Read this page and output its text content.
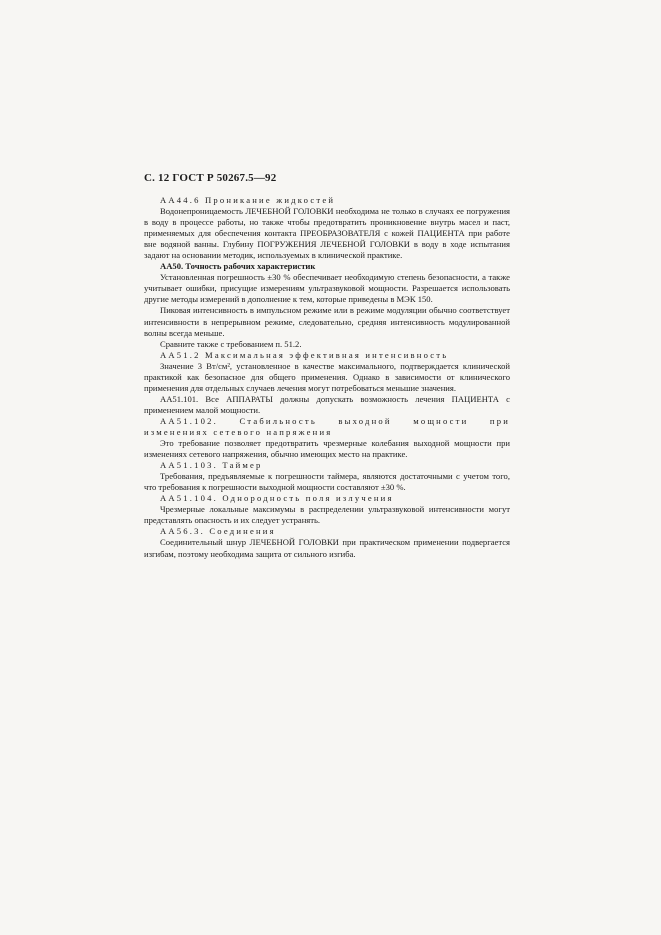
С. 12 ГОСТ Р 50267.5—92

АА44.6 Проникание жидкостей

Водонепроницаемость ЛЕЧЕБНОЙ ГОЛОВКИ необходима не только в случаях ее погружения в воду в процессе работы, но также чтобы предотвратить проникновение внутрь масел и паст, применяемых для обеспечения контакта ПРЕОБРАЗОВАТЕЛЯ с кожей ПАЦИЕНТА при работе вне водяной ванны. Глубину ПОГРУЖЕНИЯ ЛЕЧЕБНОЙ ГОЛОВКИ в воду в ходе испытания задают на основании методик, используемых в клинической практике.

АА50. Точность рабочих характеристик

Установленная погрешность ±30 % обеспечивает необходимую степень безопасности, а также учитывает ошибки, присущие измерениям ультразвуковой мощности. Разрешается использовать другие методы измерений в дополнение к тем, которые приведены в МЭК 150.

Пиковая интенсивность в импульсном режиме или в режиме модуляции обычно соответствует интенсивности в непрерывном режиме, следовательно, средняя интенсивность модулированной волны всегда меньше.

Сравните также с требованием п. 51.2.

АА51.2 Максимальная эффективная интенсивность

Значение 3 Вт/см², установленное в качестве максимального, подтверждается клинической практикой как безопасное для общего применения. Однако в зависимости от клинического применения для отдельных случаев лечения могут потребоваться меньшие значения.

АА51.101. Все АППАРАТЫ должны допускать возможность лечения ПАЦИЕНТА с применением малой мощности.

АА51.102. Стабильность выходной мощности при изменениях сетевого напряжения

Это требование позволяет предотвратить чрезмерные колебания выходной мощности при изменениях сетевого напряжения, обычно имеющих место на практике.

АА51.103. Таймер

Требования, предъявляемые к погрешности таймера, являются достаточными с учетом того, что требования к погрешности выходной мощности составляют ±30 %.

АА51.104. Однородность поля излучения

Чрезмерные локальные максимумы в распределении ультразвуковой интенсивности могут представлять опасность и их следует устранять.

АА56.3. Соединения

Соединительный шнур ЛЕЧЕБНОЙ ГОЛОВКИ при практическом применении подвергается изгибам, поэтому необходима защита от сильного изгиба.
